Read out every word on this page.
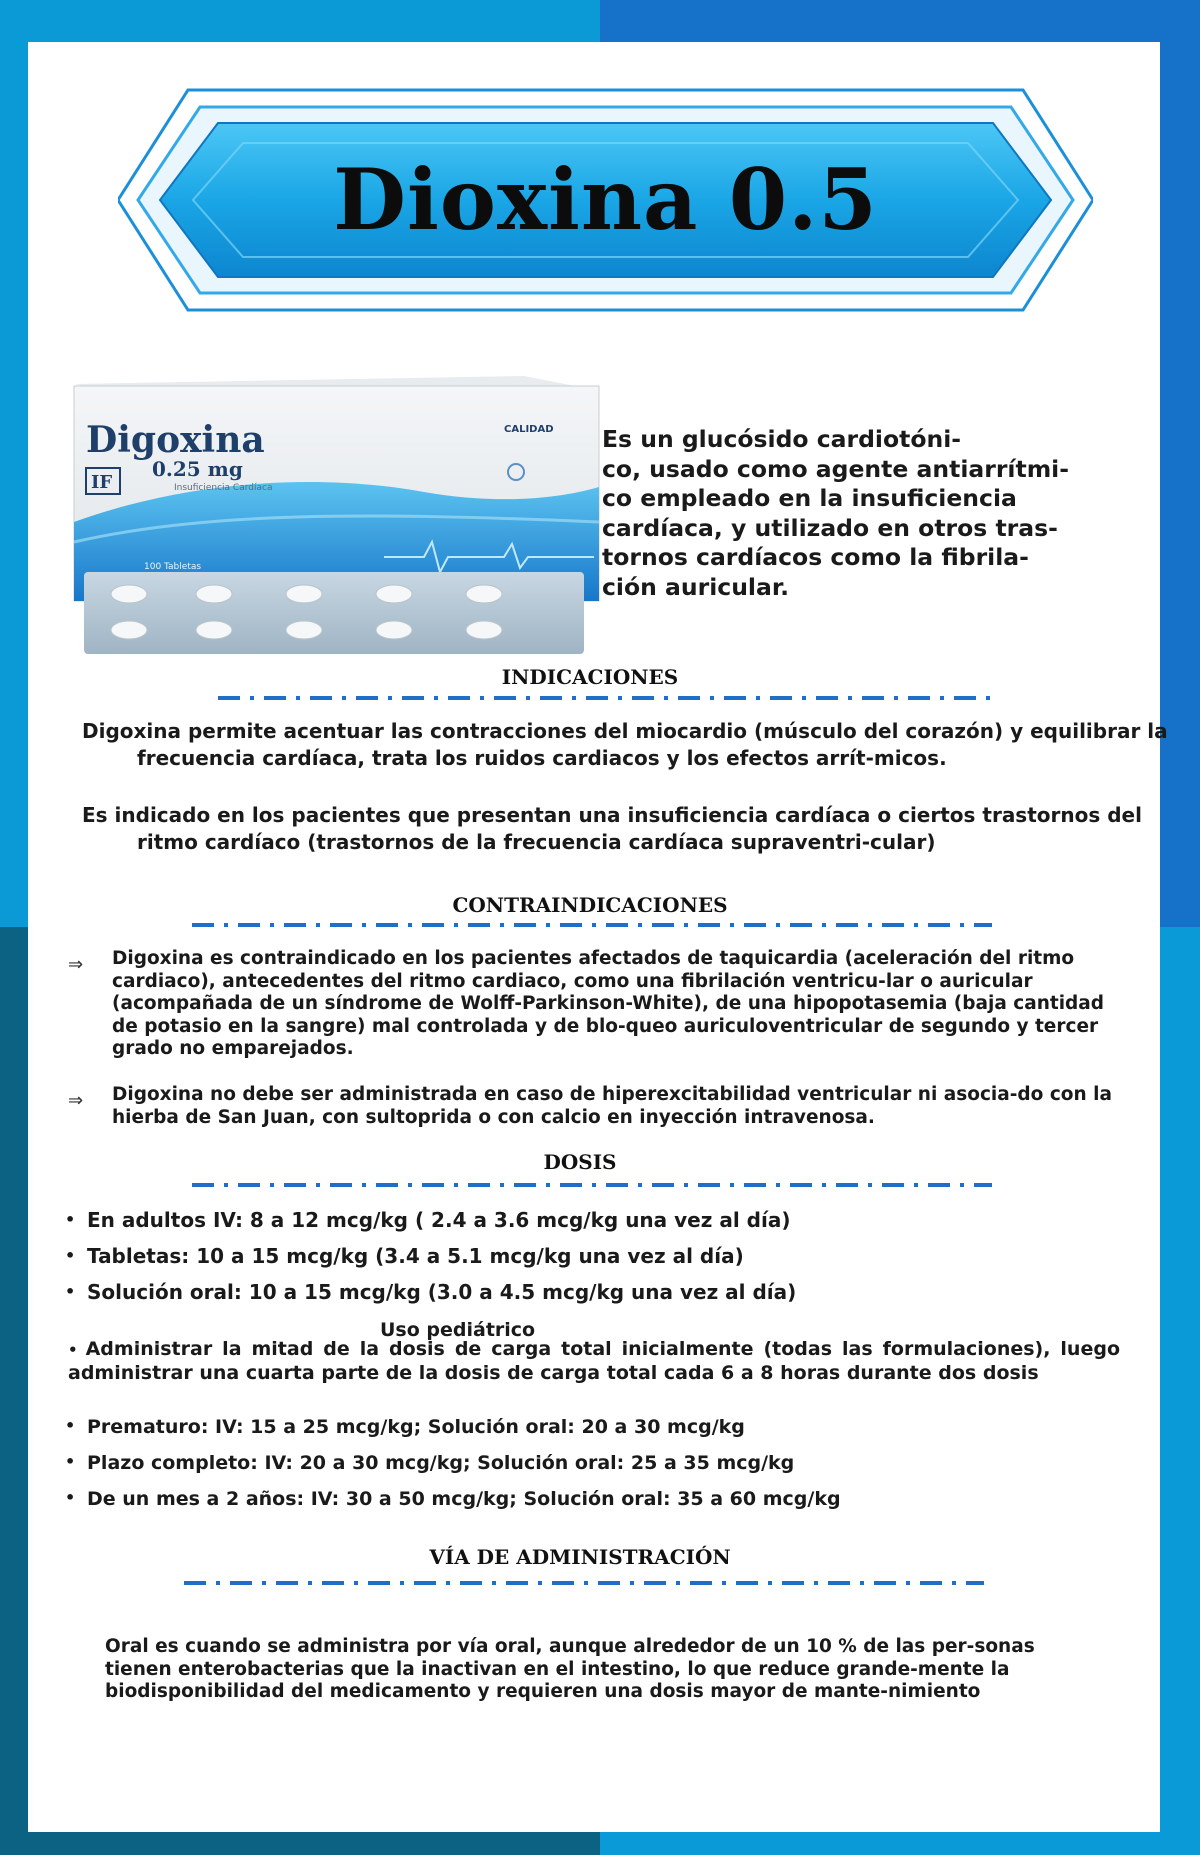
Dioxina 0.5
Digoxina
0.25 mg
IF	Insuficiencia Cardíaca
CALIDAD
100 Tabletas
Es un glucósido cardiotóni-
co, usado como agente antiarrítmi-
co empleado en la insuficiencia
cardíaca, y utilizado en otros tras-
tornos cardíacos como la fibrila-
ción auricular.
INDICACIONES
Digoxina permite acentuar las contracciones del miocardio (músculo del corazón) y equilibrar la frecuencia cardíaca, trata los ruidos cardiacos y los efectos arrít-micos.
Es indicado en los pacientes que presentan una insuficiencia cardíaca o ciertos trastornos del ritmo cardíaco (trastornos de la frecuencia cardíaca supraventri-cular)
CONTRAINDICACIONES
⇒ Digoxina es contraindicado en los pacientes afectados de taquicardia (aceleración del ritmo cardiaco), antecedentes del ritmo cardiaco, como una fibrilación ventricu-lar o auricular (acompañada de un síndrome de Wolff-Parkinson-White), de una hipopotasemia (baja cantidad de potasio en la sangre) mal controlada y de blo-queo auriculoventricular de segundo y tercer grado no emparejados.
⇒ Digoxina no debe ser administrada en caso de hiperexcitabilidad ventricular ni asocia-do con la hierba de San Juan, con sultoprida o con calcio en inyección intravenosa.
DOSIS
• En adultos IV: 8 a 12 mcg/kg ( 2.4 a 3.6 mcg/kg una vez al día)
• Tabletas: 10 a 15 mcg/kg (3.4 a 5.1 mcg/kg una vez al día)
• Solución oral: 10 a 15 mcg/kg (3.0 a 4.5 mcg/kg una vez al día)
Uso pediátrico
• Administrar la mitad de la dosis de carga total inicialmente (todas las formulaciones), luego administrar una cuarta parte de la dosis de carga total cada 6 a 8 horas durante dos dosis
• Prematuro: IV: 15 a 25 mcg/kg; Solución oral: 20 a 30 mcg/kg
• Plazo completo: IV: 20 a 30 mcg/kg; Solución oral: 25 a 35 mcg/kg
• De un mes a 2 años: IV: 30 a 50 mcg/kg; Solución oral: 35 a 60 mcg/kg
VÍA DE ADMINISTRACIÓN
Oral es cuando se administra por vía oral, aunque alrededor de un 10 % de las per-sonas tienen enterobacterias que la inactivan en el intestino, lo que reduce grande-mente la biodisponibilidad del medicamento y requieren una dosis mayor de mante-nimiento
